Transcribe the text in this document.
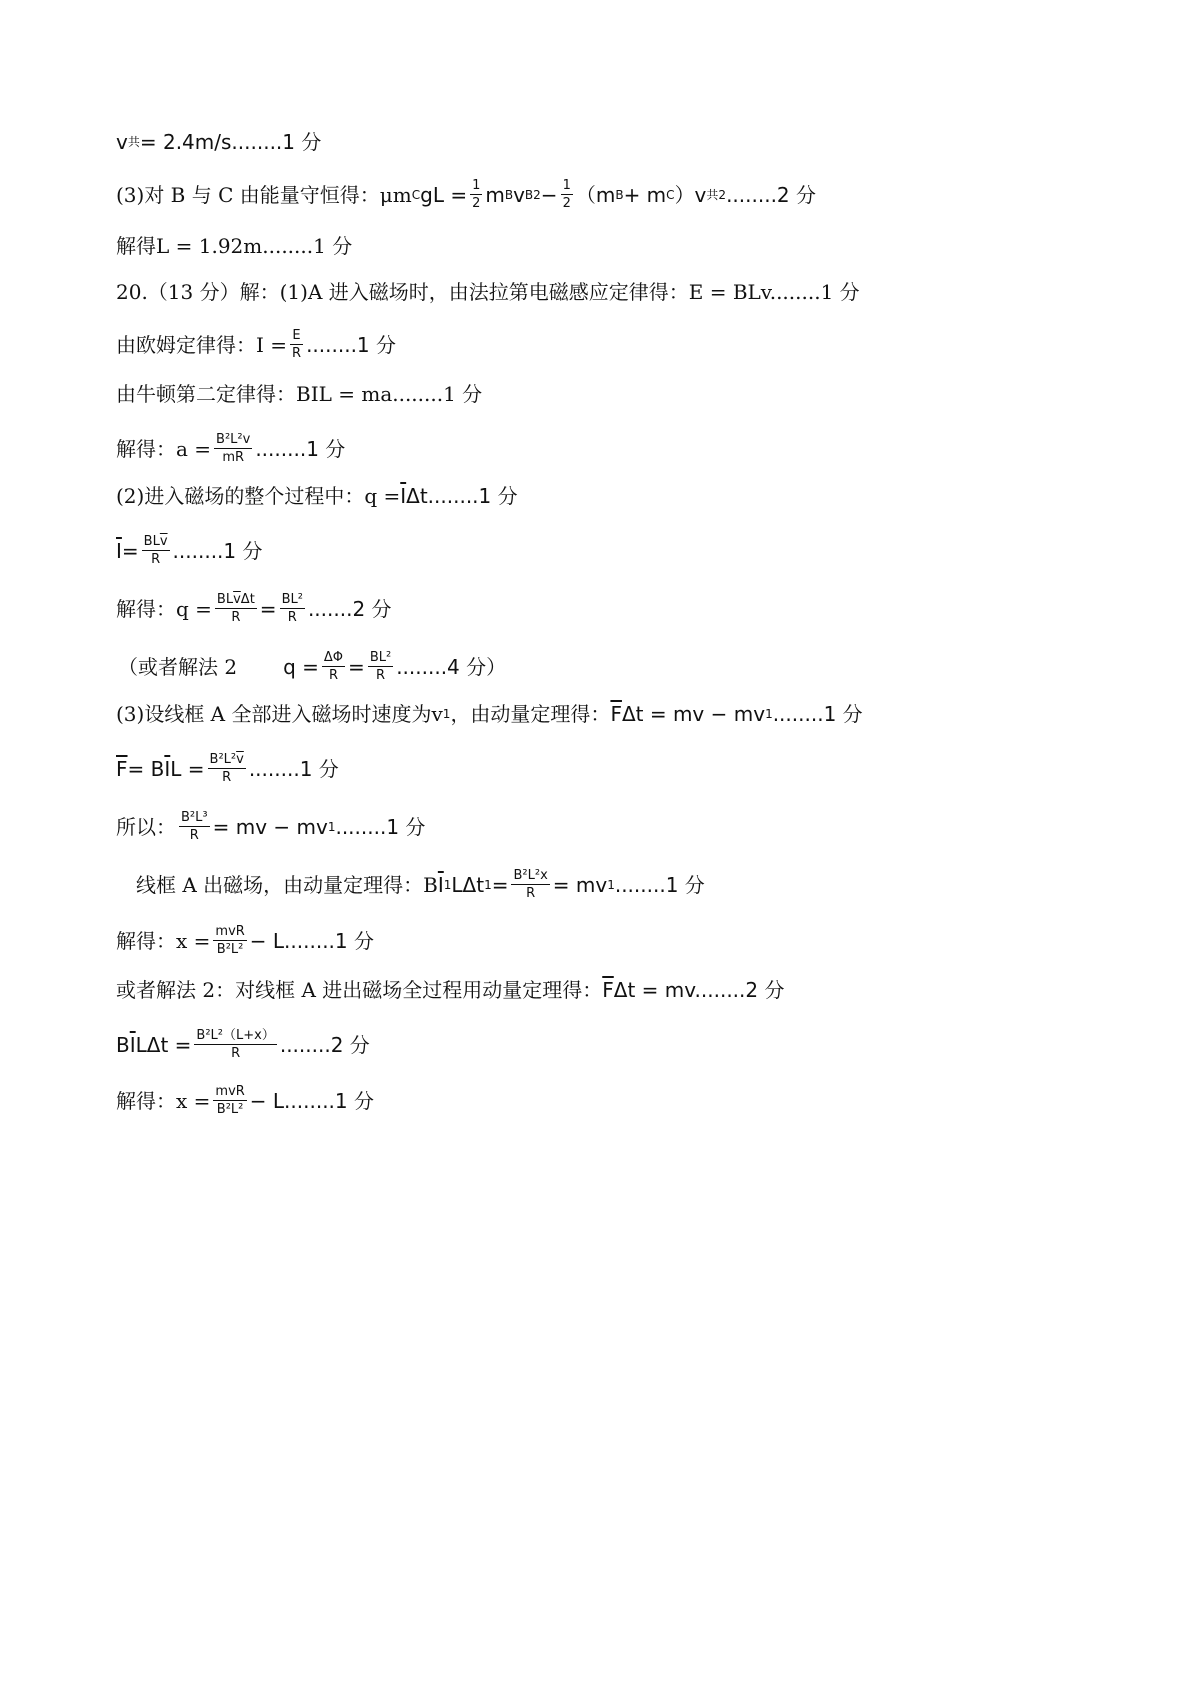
v 共 = 2.4m/s........1 分
(3)对 B 与 C 由能量守恒得：μm C gL = $\frac{1}{2}$ m B v B $2 - \frac{1}{2} (m$ B + m C ）v 共 2 ........2 分
解得L = 1.92m........1 分
20.（13 分）解：(1)A 进入磁场时，由法拉第电磁感应定律得：E = BLv........1 分
由欧姆定律得：$I = \frac{E}{R} ........1$ 分
由牛顿第二定律得：BIL = ma........1 分
解得：$a = \frac{\text{B²L²v}}{mR} ........1$ 分
(2)进入磁场的整个过程中：$q = \overline{I}$ Δt........1 分
$\overline{I} = \frac{BL\overline{v}}{R} ........1$ 分
解得：$q = \frac{BL\overline{v}\Delta t}{R} = \frac{\text{BL²}}{R} .......2$ 分
（或者解法 2 $q = \frac{\Delta\Phi}{R} = \frac{\text{BL²}}{R} ........4$ 分）
(3)设线框 A 全部进入磁场时速度为v 1 ，由动量定理得： $\overline{F}$ Δt = mv − mv 1 ........1 分
$\overline{F} = B$ $\overline{I}$ $L = \frac{B^2L^2\overline{v}}{R} ........1$ 分
所以： $\frac{\text{B²L³}}{R}$ = mv − mv 1 ........1 分
线框 A 出磁场，由动量定理得：B $\overline{I}$ 1 LΔt $1 = \frac{\text{B²L²x}}{R}$ = mv 1 ........1 分
解得：$x = \frac{\text{mvR}}{\text{B²L²}} - L........1$ 分
或者解法 2：对线框 A 进出磁场全过程用动量定理得： $\overline{F}$ Δt = mv........2 分
B $\overline{I}$ $L\Delta t = \frac{\text{B²L²（L+x）}}{R} ........2$ 分
解得：$x = \frac{\text{mvR}}{\text{B²L²}} - L........1$ 分
